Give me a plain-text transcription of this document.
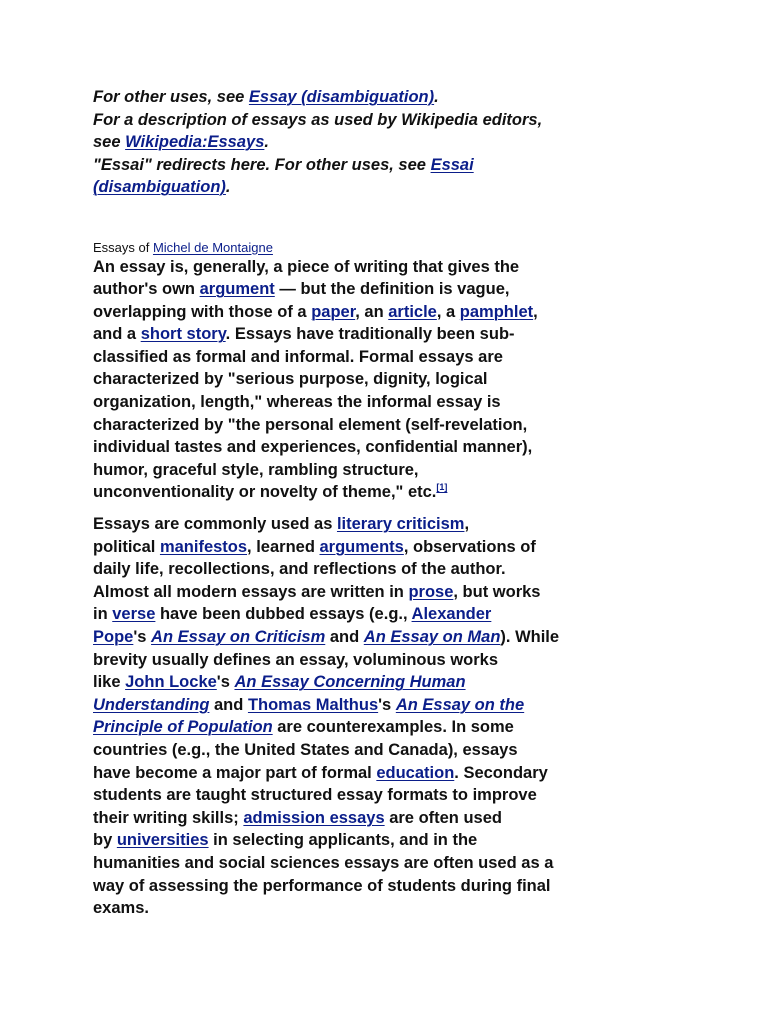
For other uses, see Essay (disambiguation).

For a description of essays as used by Wikipedia editors,
see Wikipedia:Essays.

"Essai" redirects here. For other uses, see Essai
(disambiguation).

Essays of Michel de Montaigne

An essay is, generally, a piece of writing that gives the
author's own argument — but the definition is vague,
overlapping with those of a paper, an article, a pamphlet,
and a short story. Essays have traditionally been sub-
classified as formal and informal. Formal essays are
characterized by "serious purpose, dignity, logical
organization, length," whereas the informal essay is
characterized by "the personal element (self-revelation,
individual tastes and experiences, confidential manner),
humor, graceful style, rambling structure,
unconventionality or novelty of theme," etc.[1]

Essays are commonly used as literary criticism,
political manifestos, learned arguments, observations of
daily life, recollections, and reflections of the author.
Almost all modern essays are written in prose, but works
in verse have been dubbed essays (e.g., Alexander
Pope's An Essay on Criticism and An Essay on Man). While
brevity usually defines an essay, voluminous works
like John Locke's An Essay Concerning Human
Understanding and Thomas Malthus's An Essay on the
Principle of Population are counterexamples. In some
countries (e.g., the United States and Canada), essays
have become a major part of formal education. Secondary
students are taught structured essay formats to improve
their writing skills; admission essays are often used
by universities in selecting applicants, and in the
humanities and social sciences essays are often used as a
way of assessing the performance of students during final
exams.
